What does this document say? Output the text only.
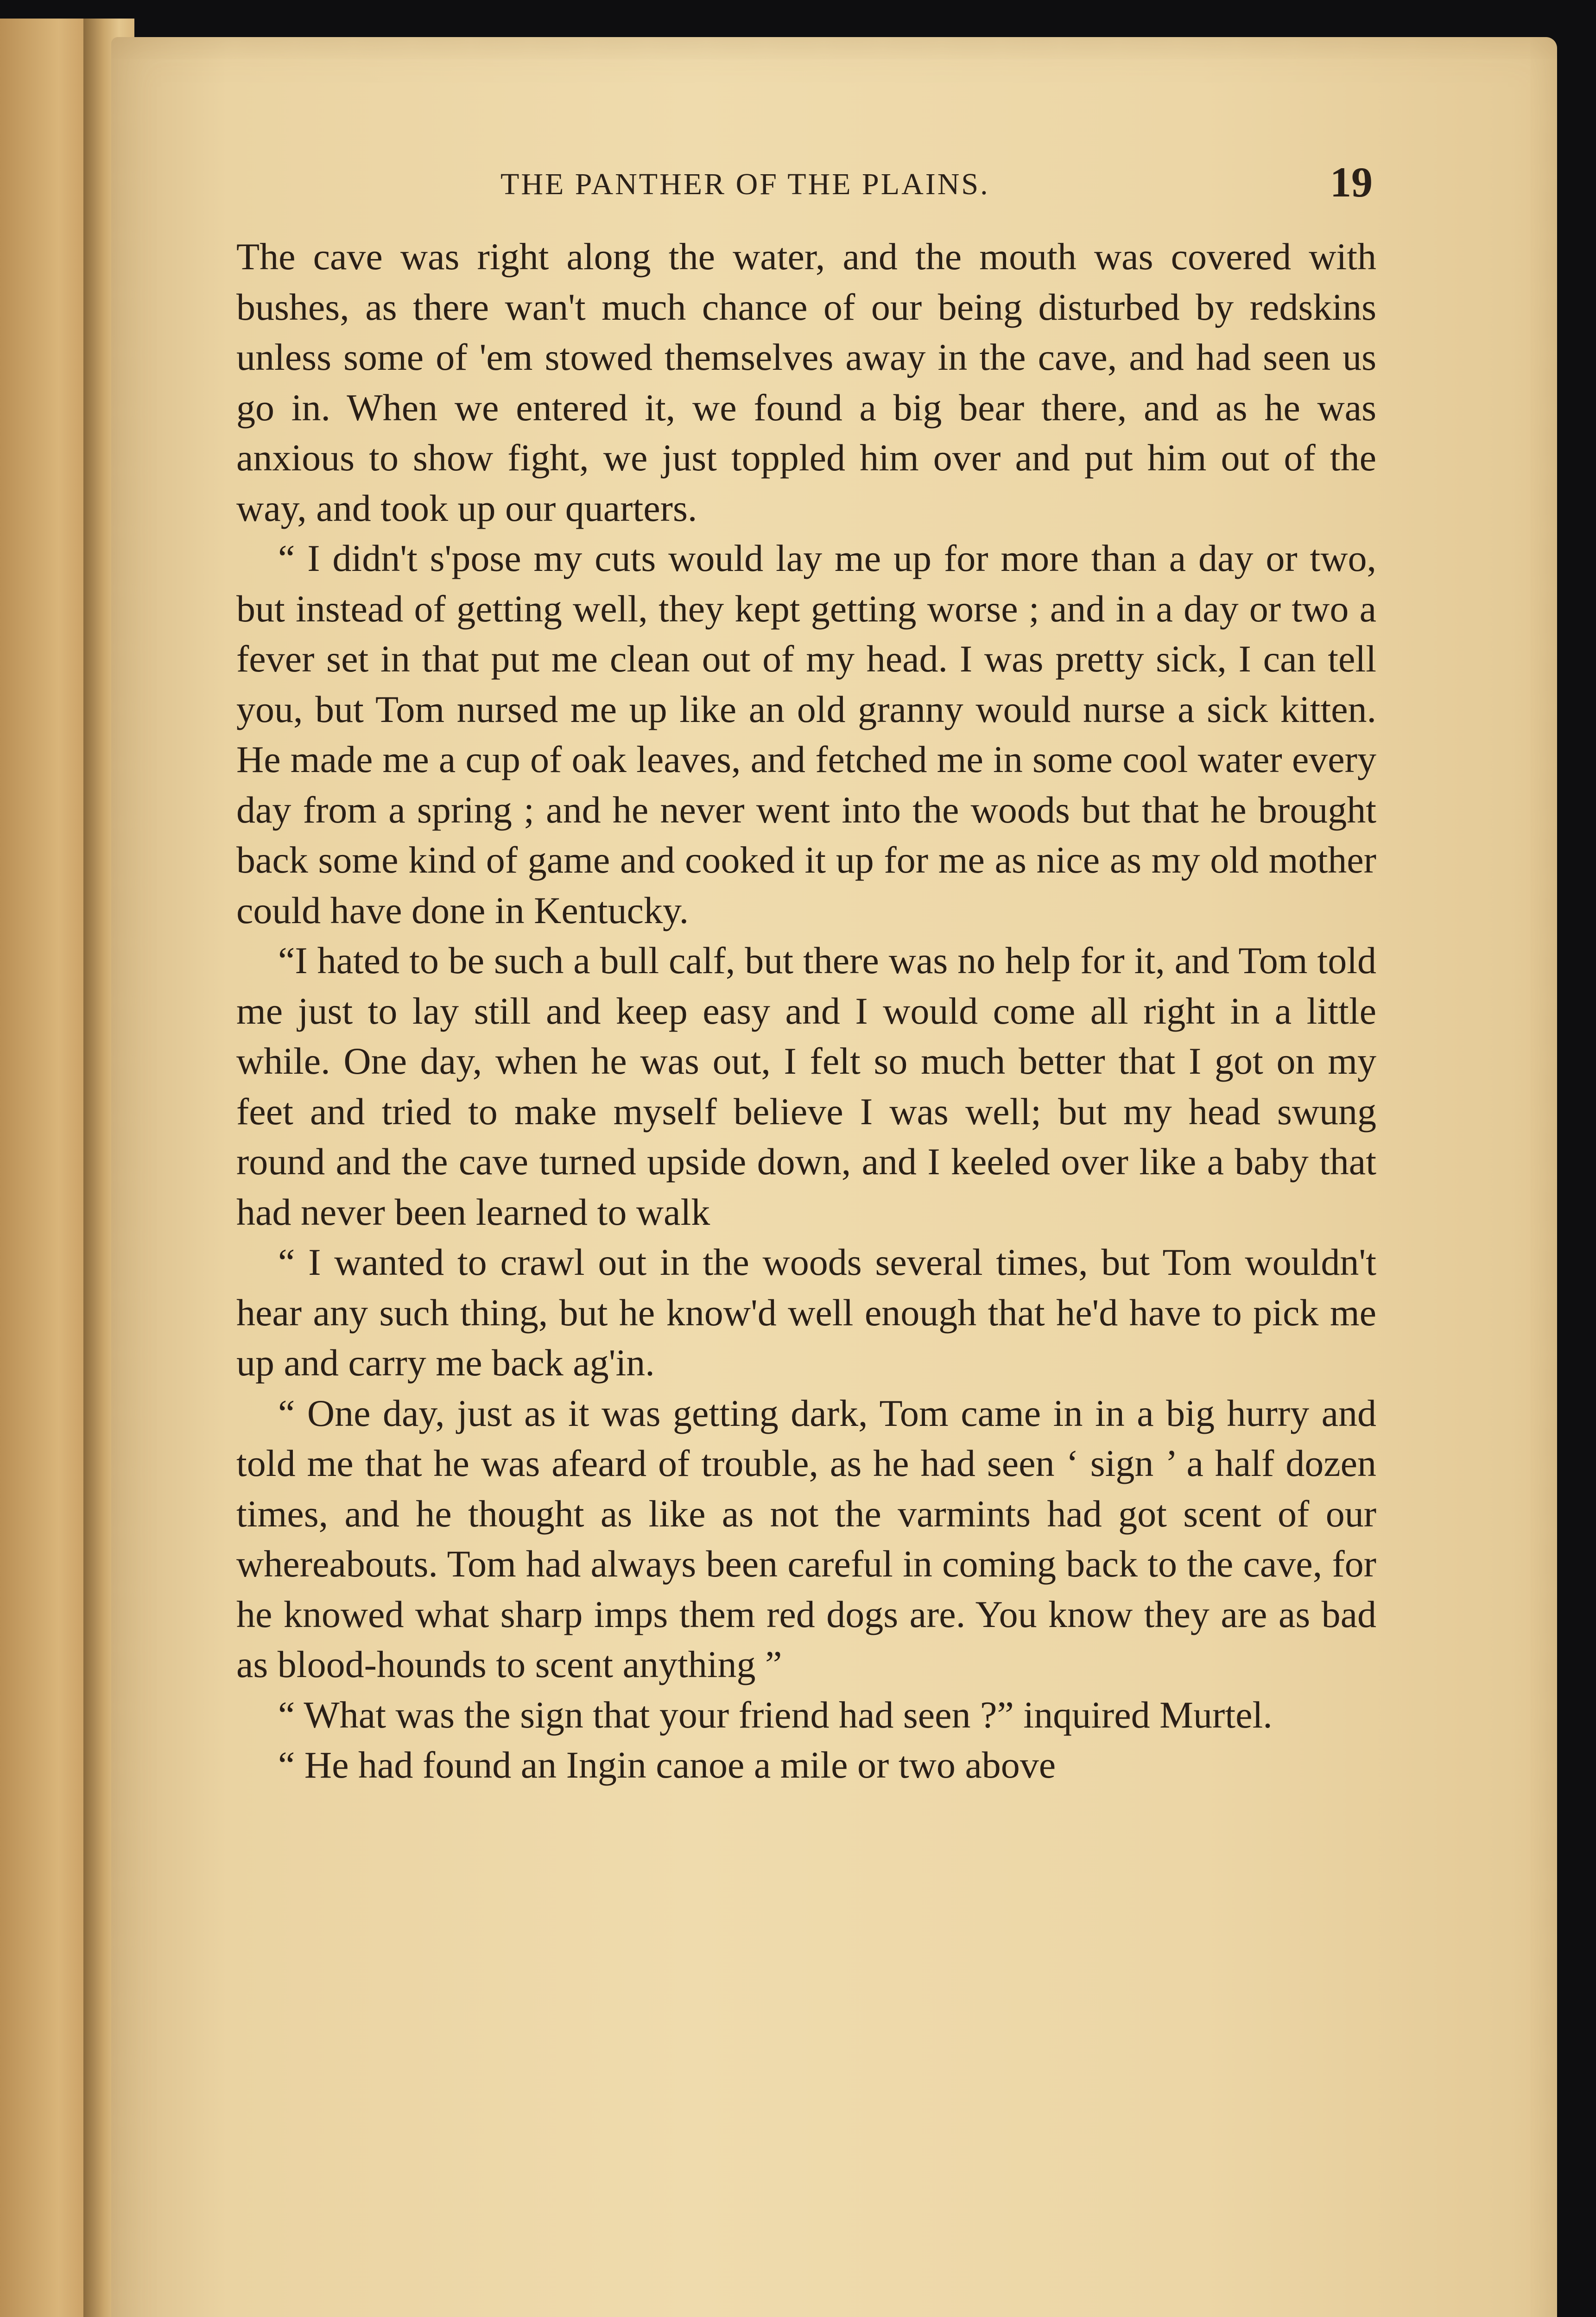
THE PANTHER OF THE PLAINS.	19

The cave was right along the water, and the mouth was covered with bushes, as there wan't much chance of our being disturbed by redskins unless some of 'em stowed themselves away in the cave, and had seen us go in. When we entered it, we found a big bear there, and as he was anxious to show fight, we just toppled him over and put him out of the way, and took up our quarters.

“ I didn't s'pose my cuts would lay me up for more than a day or two, but instead of getting well, they kept getting worse ; and in a day or two a fever set in that put me clean out of my head. I was pretty sick, I can tell you, but Tom nursed me up like an old granny would nurse a sick kitten. He made me a cup of oak leaves, and fetched me in some cool water every day from a spring ; and he never went into the woods but that he brought back some kind of game and cooked it up for me as nice as my old mother could have done in Kentucky.

“I hated to be such a bull calf, but there was no help for it, and Tom told me just to lay still and keep easy and I would come all right in a little while. One day, when he was out, I felt so much better that I got on my feet and tried to make myself believe I was well; but my head swung round and the cave turned upside down, and I keeled over like a baby that had never been learned to walk

“ I wanted to crawl out in the woods several times, but Tom wouldn't hear any such thing, but he know'd well enough that he'd have to pick me up and carry me back ag'in.

“ One day, just as it was getting dark, Tom came in in a big hurry and told me that he was afeard of trouble, as he had seen ‘ sign ’ a half dozen times, and he thought as like as not the varmints had got scent of our whereabouts. Tom had always been careful in coming back to the cave, for he knowed what sharp imps them red dogs are. You know they are as bad as blood-hounds to scent anything ”

“ What was the sign that your friend had seen ?” inquired Murtel.

“ He had found an Ingin canoe a mile or two above
